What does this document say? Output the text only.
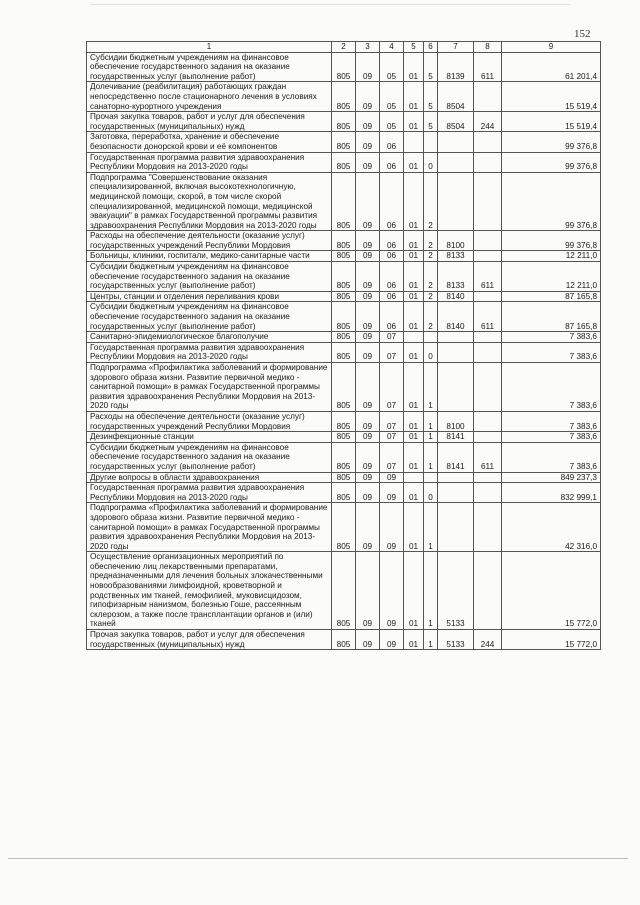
152
1	2	3	4	5	6	7	8	9
Субсидии бюджетным учреждениям на финансовое обеспечение государственного задания на оказание государственных услуг (выполнение работ)	805	09	05	01	5	8139	611	61 201,4
Долечивание (реабилитация) работающих граждан непосредственно после стационарного лечения в условиях санаторно-курортного учреждения	805	09	05	01	5	8504		15 519,4
Прочая закупка товаров, работ и услуг для обеспечения государственных (муниципальных) нужд	805	09	05	01	5	8504	244	15 519,4
Заготовка, переработка, хранение и обеспечение безопасности донорской крови и её компонентов	805	09	06					99 376,8
Государственная программа развития здравоохранения Республики Мордовия на 2013-2020 годы	805	09	06	01	0			99 376,8
Подпрограмма "Совершенствование оказания специализированной, включая высокотехнологичную, медицинской помощи, скорой, в том числе скорой специализированной, медицинской помощи, медицинской эвакуации" в рамках Государственной программы развития здравоохранения Республики Мордовия на 2013-2020 годы	805	09	06	01	2			99 376,8
Расходы на обеспечение деятельности (оказание услуг) государственных учреждений Республики Мордовия	805	09	06	01	2	8100		99 376,8
Больницы, клиники, госпитали, медико-санитарные части	805	09	06	01	2	8133		12 211,0
Субсидии бюджетным учреждениям на финансовое обеспечение государственного задания на оказание государственных услуг (выполнение работ)	805	09	06	01	2	8133	611	12 211,0
Центры, станции и отделения переливания крови	805	09	06	01	2	8140		87 165,8
Субсидии бюджетным учреждениям на финансовое обеспечение государственного задания на оказание государственных услуг (выполнение работ)	805	09	06	01	2	8140	611	87 165,8
Санитарно-эпидемиологическое благополучие	805	09	07					7 383,6
Государственная программа развития здравоохранения Республики Мордовия на 2013-2020 годы	805	09	07	01	0			7 383,6
Подпрограмма «Профилактика заболеваний и формирование здорового образа жизни. Развитие первичной медико - санитарной помощи» в рамках Государственной программы развития здравоохранения Республики Мордовия на 2013-2020 годы	805	09	07	01	1			7 383,6
Расходы на обеспечение деятельности (оказание услуг) государственных учреждений Республики Мордовия	805	09	07	01	1	8100		7 383,6
Дезинфекционные станции	805	09	07	01	1	8141		7 383,6
Субсидии бюджетным учреждениям на финансовое обеспечение государственного задания на оказание государственных услуг (выполнение работ)	805	09	07	01	1	8141	611	7 383,6
Другие вопросы в области здравоохранения	805	09	09					849 237,3
Государственная программа развития здравоохранения Республики Мордовия на 2013-2020 годы	805	09	09	01	0			832 999,1
Подпрограмма «Профилактика заболеваний и формирование здорового образа жизни. Развитие первичной медико - санитарной помощи» в рамках Государственной программы развития здравоохранения Республики Мордовия на 2013-2020 годы	805	09	09	01	1			42 316,0
Осуществление организационных мероприятий по обеспечению лиц лекарственными препаратами, предназначенными для лечения больных злокачественными новообразованиями лимфоидной, кроветворной и родственных им тканей, гемофилией, муковисцидозом, гипофизарным нанизмом, болезнью Гоше, рассеянным склерозом, а также после трансплантации органов и (или) тканей	805	09	09	01	1	5133		15 772,0
Прочая закупка товаров, работ и услуг для обеспечения государственных (муниципальных) нужд	805	09	09	01	1	5133	244	15 772,0
